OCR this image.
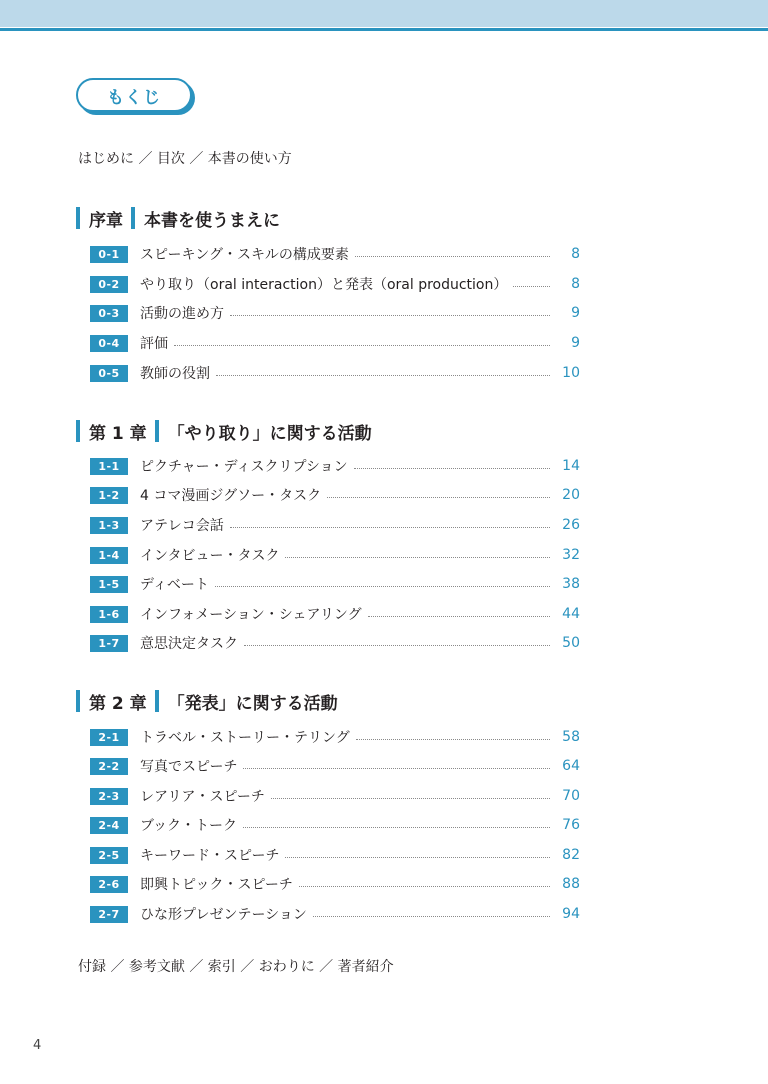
もくじ
はじめに ／ 目次 ／ 本書の使い方
序章 本書を使うまえに
0-1	スピーキング・スキルの構成要素	8
0-2	やり取り（oral interaction）と発表（oral production）	8
0-3	活動の進め方	9
0-4	評価	9
0-5	教師の役割	10
第 1 章 「やり取り」に関する活動
1-1	ピクチャー・ディスクリプション	14
1-2	4 コマ漫画ジグソー・タスク	20
1-3	アテレコ会話	26
1-4	インタビュー・タスク	32
1-5	ディベート	38
1-6	インフォメーション・シェアリング	44
1-7	意思決定タスク	50
第 2 章 「発表」に関する活動
2-1	トラベル・ストーリー・テリング	58
2-2	写真でスピーチ	64
2-3	レアリア・スピーチ	70
2-4	ブック・トーク	76
2-5	キーワード・スピーチ	82
2-6	即興トピック・スピーチ	88
2-7	ひな形プレゼンテーション	94
付録 ／ 参考文献 ／ 索引 ／ おわりに ／ 著者紹介
4
